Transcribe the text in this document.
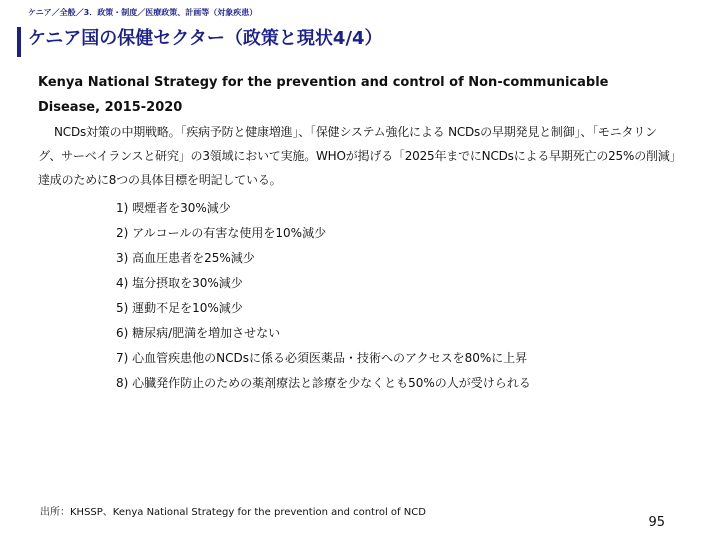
ケニア／全般／3．政策・制度／医療政策、計画等（対象疾患）
ケニア国の保健セクター（政策と現状4/4）

Kenya National Strategy for the prevention and control of Non-communicable

Disease, 2015-2020

NCDs対策の中期戦略。「疾病予防と健康増進」、「保健システム強化による NCDsの早期発見と制御」、「モニタリング、サーベイランスと研究」の3領域において実施。WHOが掲げる「2025年までにNCDsによる早期死亡の25%の削減」達成のために8つの具体目標を明記している。

1) 喫煙者を30%減少
2) アルコールの有害な使用を10%減少
3) 高血圧患者を25%減少
4) 塩分摂取を30%減少
5) 運動不足を10%減少
6) 糖尿病/肥満を増加させない
7) 心血管疾患他のNCDsに係る必須医薬品・技術へのアクセスを80%に上昇
8) 心臓発作防止のための薬剤療法と診療を少なくとも50%の人が受けられる
出所：KHSSP、Kenya National Strategy for the prevention and control of NCD
95
